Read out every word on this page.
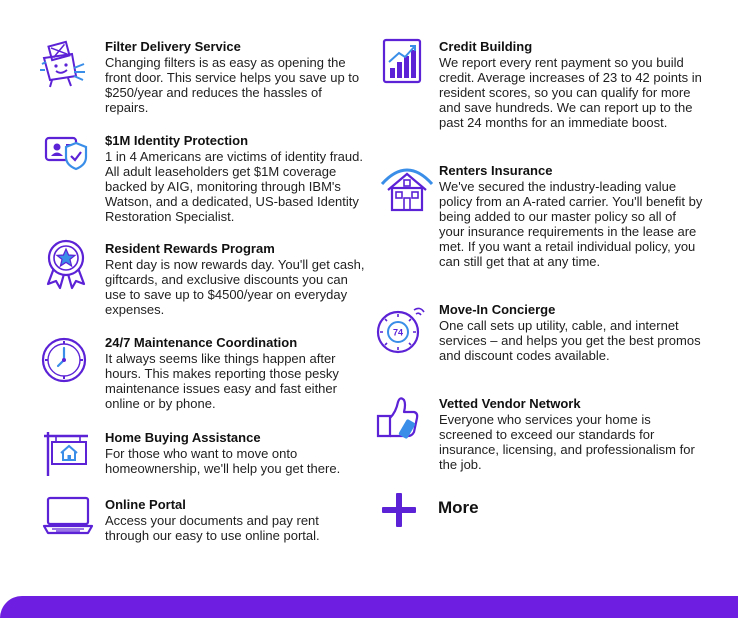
Filter Delivery Service
Changing filters is as easy as opening the front door. This service helps you save up to $250/year and reduces the hassles of repairs.
$1M Identity Protection
1 in 4 Americans are victims of identity fraud. All adult leaseholders get $1M coverage backed by AIG, monitoring through IBM's Watson, and a dedicated, US-based Identity Restoration Specialist.
Resident Rewards Program
Rent day is now rewards day. You'll get cash, giftcards, and exclusive discounts you can use to save up to $4500/year on everyday expenses.
24/7 Maintenance Coordination
It always seems like things happen after hours. This makes reporting those pesky maintenance issues easy and fast either online or by phone.
Home Buying Assistance
For those who want to move onto homeownership, we'll help you get there.
Online Portal
Access your documents and pay rent through our easy to use online portal.
Credit Building
We report every rent payment so you build credit. Average increases of 23 to 42 points in resident scores, so you can qualify for more and save hundreds. We can report up to the past 24 months for an immediate boost.
Renters Insurance
We've secured the industry-leading value policy from an A-rated carrier. You'll benefit by being added to our master policy so all of your insurance requirements in the lease are met. If you want a retail individual policy, you can still get that at any time.
74
Move-In Concierge
One call sets up utility, cable, and internet services – and helps you get the best promos and discount codes available.
Vetted Vendor Network
Everyone who services your home is screened to exceed our standards for insurance, licensing, and professionalism for the job.
More
